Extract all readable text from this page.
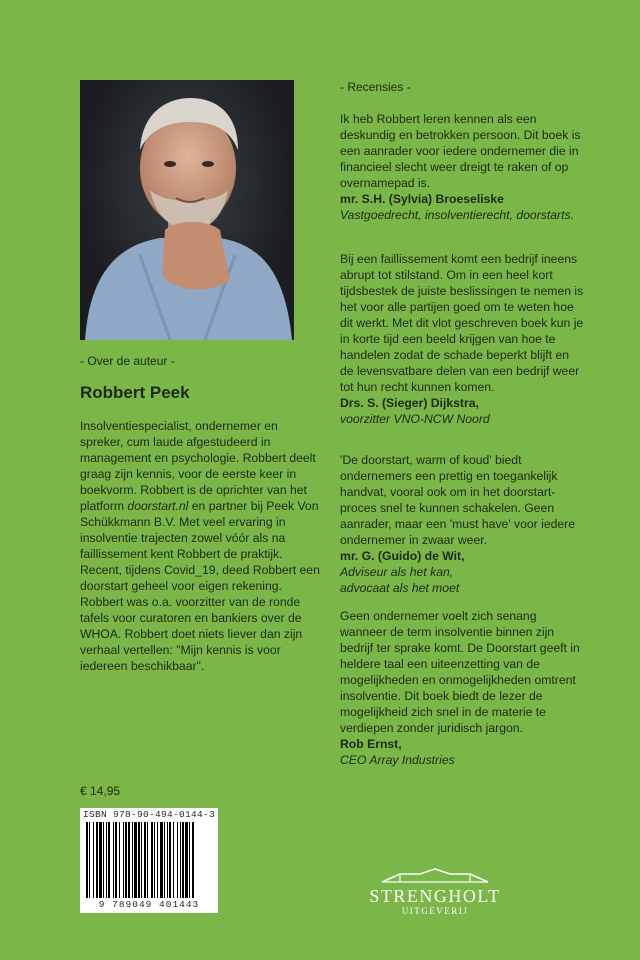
- Over de auteur -
Robbert Peek

Insolventiespecialist, ondernemer en spreker, cum laude afgestudeerd in management en psychologie. Robbert deelt graag zijn kennis, voor de eerste keer in boekvorm. Robbert is de oprichter van het platform doorstart.nl en partner bij Peek Von Schükkmann B.V. Met veel ervaring in insolventie trajecten zowel vóór als na faillissement kent Robbert de praktijk. Recent, tijdens Covid_19, deed Robbert een doorstart geheel voor eigen rekening. Robbert was o.a. voorzitter van de ronde tafels voor curatoren en bankiers over de WHOA. Robbert doet niets liever dan zijn verhaal vertellen: "Mijn kennis is voor iedereen beschikbaar".

- Recensies -

Ik heb Robbert leren kennen als een deskundig en betrokken persoon. Dit boek is een aanrader voor iedere ondernemer die in financieel slecht weer dreigt te raken of op overnamepad is.
mr. S.H. (Sylvia) Broeseliske
Vastgoedrecht, insolventierecht, doorstarts.

Bij een faillissement komt een bedrijf ineens abrupt tot stilstand. Om in een heel kort tijdsbestek de juiste beslissingen te nemen is het voor alle partijen goed om te weten hoe dit werkt. Met dit vlot geschreven boek kun je in korte tijd een beeld krijgen van hoe te handelen zodat de schade beperkt blijft en de levensvatbare delen van een bedrijf weer tot hun recht kunnen komen.
Drs. S. (Sieger) Dijkstra,
voorzitter VNO-NCW Noord

'De doorstart, warm of koud' biedt ondernemers een prettig en toegankelijk handvat, vooral ook om in het doorstartproces snel te kunnen schakelen. Geen aanrader, maar een 'must have' voor iedere ondernemer in zwaar weer.
mr. G. (Guido) de Wit,
Adviseur als het kan,
advocaat als het moet

Geen ondernemer voelt zich senang wanneer de term insolventie binnen zijn bedrijf ter sprake komt. De Doorstart geeft in heldere taal een uiteenzetting van de mogelijkheden en onmogelijkheden omtrent insolventie. Dit boek biedt de lezer de mogelijkheid zich snel in de materie te verdiepen zonder juridisch jargon.
Rob Ernst,
CEO Array Industries

€ 14,95
ISBN 978-90-494-0144-3
9 789049 401443	STRENGHOLT
UITGEVERIJ
